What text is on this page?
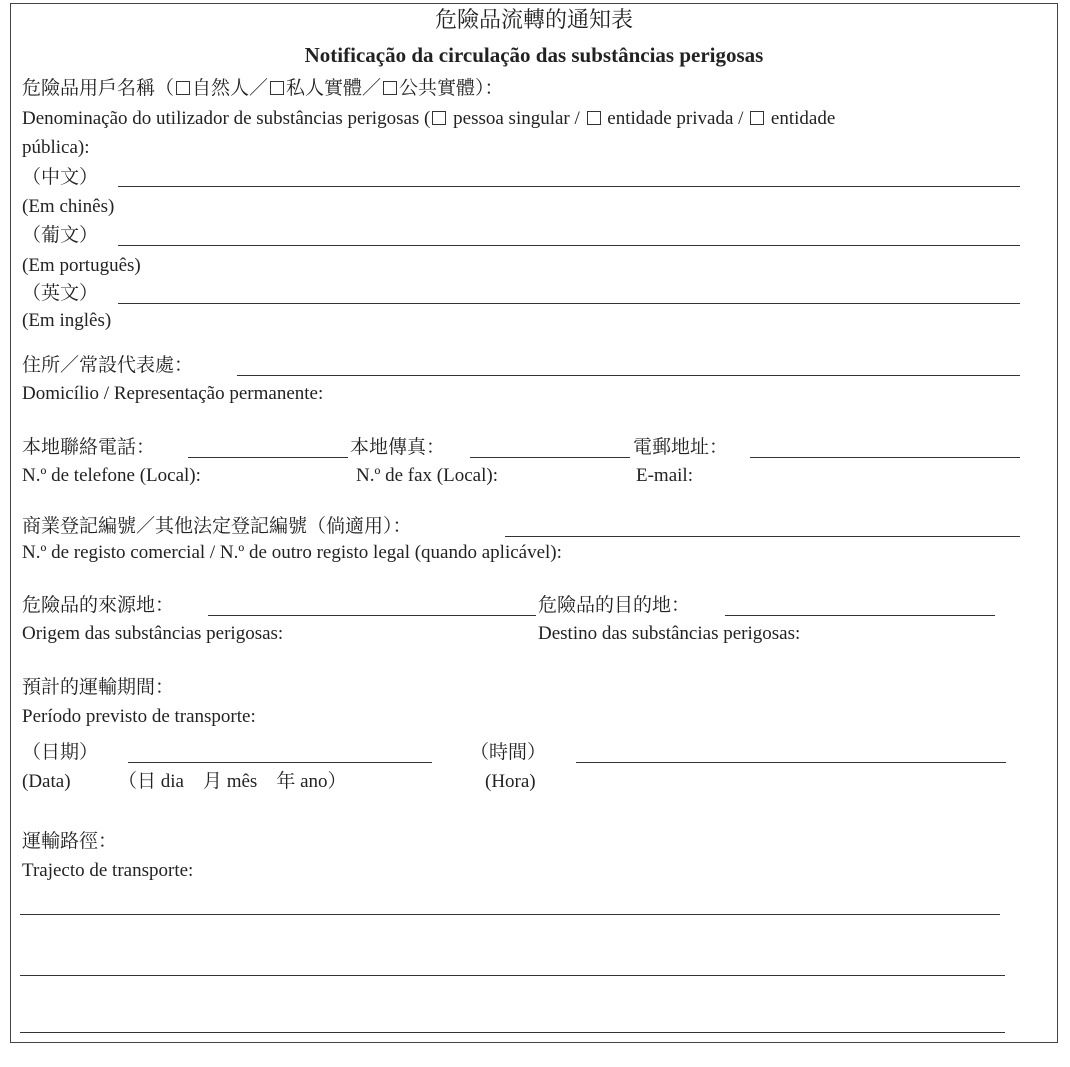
危險品流轉的通知表
Notificação da circulação das substâncias perigosas
危險品用戶名稱（ 自然人／ 私人實體／ 公共實體）：
Denominação do utilizador de substâncias perigosas ( pessoa singular /  entidade privada /  entidade
pública):
（中文）
(Em chinês)
（葡文）
(Em português)
（英文）
(Em inglês)
住所／常設代表處：
Domicílio / Representação permanente:
本地聯絡電話：	本地傳真：	電郵地址：
N.º de telefone (Local):	N.º de fax (Local):	E-mail:
商業登記編號／其他法定登記編號（倘適用）：
N.º de registo comercial / N.º de outro registo legal (quando aplicável):
危險品的來源地：	危險品的目的地：
Origem das substâncias perigosas:	Destino das substâncias perigosas:
預計的運輸期間：
Período previsto de transporte:
（日期）	（時間）
(Data) （日 dia　月 mês　年 ano）	(Hora)
運輸路徑：
Trajecto de transporte:
